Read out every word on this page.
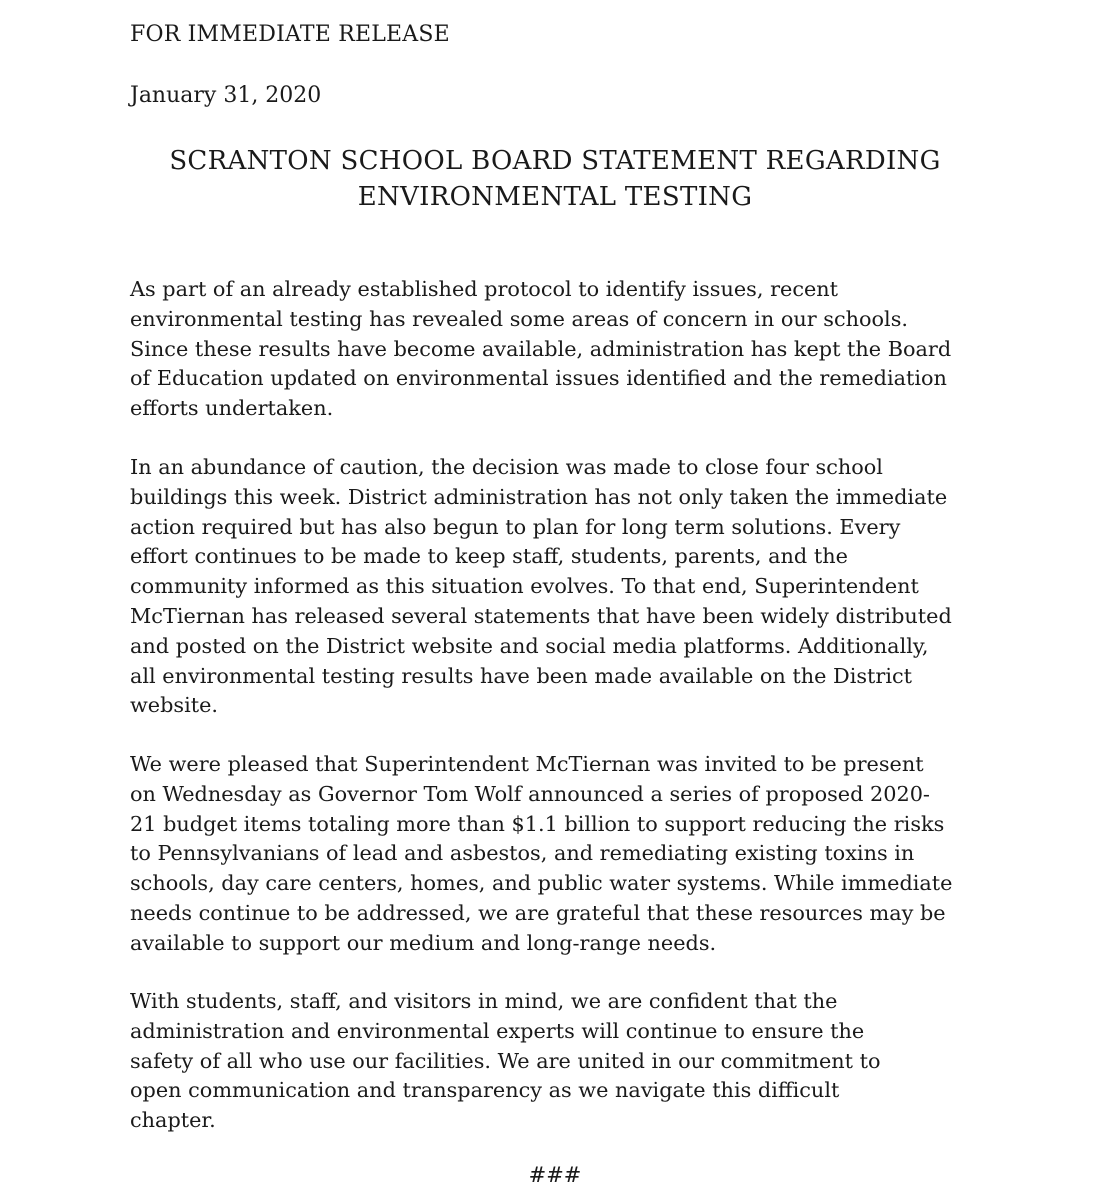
FOR IMMEDIATE RELEASE
January 31, 2020
SCRANTON SCHOOL BOARD STATEMENT REGARDING
ENVIRONMENTAL TESTING
As part of an already established protocol to identify issues, recent
environmental testing has revealed some areas of concern in our schools.
Since these results have become available, administration has kept the Board
of Education updated on environmental issues identified and the remediation
efforts undertaken.
In an abundance of caution, the decision was made to close four school
buildings this week. District administration has not only taken the immediate
action required but has also begun to plan for long term solutions. Every
effort continues to be made to keep staff, students, parents, and the
community informed as this situation evolves. To that end, Superintendent
McTiernan has released several statements that have been widely distributed
and posted on the District website and social media platforms. Additionally,
all environmental testing results have been made available on the District
website.
We were pleased that Superintendent McTiernan was invited to be present
on Wednesday as Governor Tom Wolf announced a series of proposed 2020-
21 budget items totaling more than $1.1 billion to support reducing the risks
to Pennsylvanians of lead and asbestos, and remediating existing toxins in
schools, day care centers, homes, and public water systems. While immediate
needs continue to be addressed, we are grateful that these resources may be
available to support our medium and long-range needs.
With students, staff, and visitors in mind, we are confident that the
administration and environmental experts will continue to ensure the
safety of all who use our facilities. We are united in our commitment to
open communication and transparency as we navigate this difficult
chapter.
###
